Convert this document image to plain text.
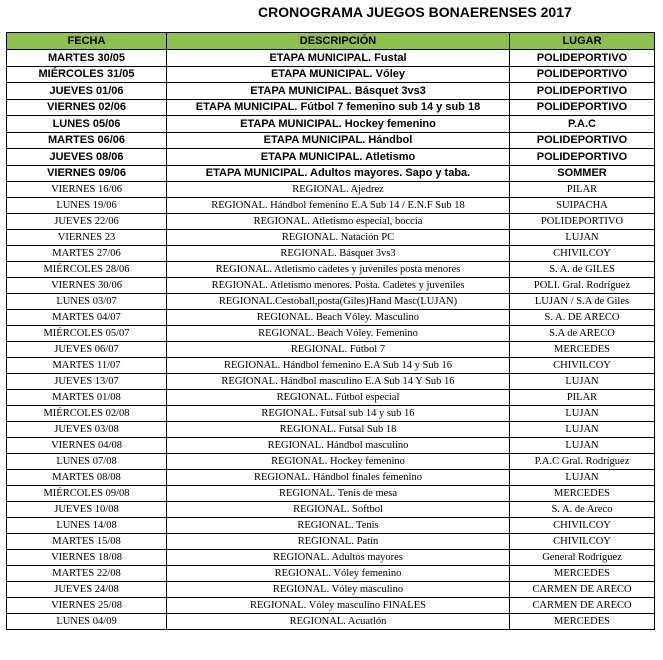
CRONOGRAMA JUEGOS BONAERENSES 2017
FECHA	DESCRIPCIÓN	LUGAR
MARTES 30/05	ETAPA MUNICIPAL. Fustal	POLIDEPORTIVO
MIÉRCOLES 31/05	ETAPA MUNICIPAL. Vóley	POLIDEPORTIVO
JUEVES 01/06	ETAPA MUNICIPAL. Básquet 3vs3	POLIDEPORTIVO
VIERNES 02/06	ETAPA MUNICIPAL. Fútbol 7 femenino sub 14 y sub 18	POLIDEPORTIVO
LUNES 05/06	ETAPA MUNICIPAL. Hockey femenino	P.A.C
MARTES 06/06	ETAPA MUNICIPAL. Hándbol	POLIDEPORTIVO
JUEVES 08/06	ETAPA MUNICIPAL. Atletismo	POLIDEPORTIVO
VIERNES 09/06	ETAPA MUNICIPAL. Adultos mayores. Sapo y taba.	SOMMER
VIERNES 16/06	REGIONAL. Ajedrez	PILAR
LUNES 19/06	REGIONAL. Hándbol femenino E.A Sub 14 / E.N.F Sub 18	SUIPACHA
JUEVES 22/06	REGIONAL. Atletismo especial, boccia	POLIDEPORTIVO
VIERNES 23	REGIONAL. Natación PC	LUJAN
MARTES 27/06	REGIONAL. Básquet 3vs3	CHIVILCOY
MIÉRCOLES 28/06	REGIONAL. Atletismo cadetes y juveniles posta menores	S. A. de GILES
VIERNES 30/06	REGIONAL. Atletismo menores. Posta. Cadetes y juveniles	POLI. Gral. Rodríguez
LUNES 03/07	REGIONAL.Cestoball,posta(Giles)Hand Masc(LUJAN)	LUJAN / S.A de Giles
MARTES 04/07	REGIONAL. Beach Vóley. Masculino	S. A. DE ARECO
MIÉRCOLES 05/07	REGIONAL. Beach Vóley. Femenino	S.A de ARECO
JUEVES 06/07	REGIONAL. Fútbol 7	MERCEDES
MARTES 11/07	REGIONAL. Hándbol femenino E.A Sub 14 y Sub 16	CHIVILCOY
JUEVES 13/07	REGIONAL. Hándbol masculino E.A Sub 14 Y Sub 16	LUJAN
MARTES 01/08	REGIONAL. Fútbol especial	PILAR
MIÉRCOLES 02/08	REGIONAL. Futsal sub 14 y sub 16	LUJAN
JUEVES 03/08	REGIONAL. Futsal Sub 18	LUJAN
VIERNES 04/08	REGIONAL. Hándbol masculino	LUJAN
LUNES 07/08	REGIONAL. Hockey femenino	P.A.C Gral. Rodríguez
MARTES 08/08	REGIONAL. Hándbol finales femenino	LUJAN
MIÉRCOLES 09/08	REGIONAL. Tenis de mesa	MERCEDES
JUEVES 10/08	REGIONAL. Softbol	S. A. de Areco
LUNES 14/08	REGIONAL. Tenis	CHIVILCOY
MARTES 15/08	REGIONAL. Patín	CHIVILCOY
VIERNES 18/08	REGIONAL. Adultos mayores	General Rodríguez
MARTES 22/08	REGIONAL. Vóley femenino	MERCEDES
JUEVES 24/08	REGIONAL. Vóley masculino	CARMEN DE ARECO
VIERNES 25/08	REGIONAL. Vóley masculino FINALES	CARMEN DE ARECO
LUNES 04/09	REGIONAL. Acuatlón	MERCEDES
